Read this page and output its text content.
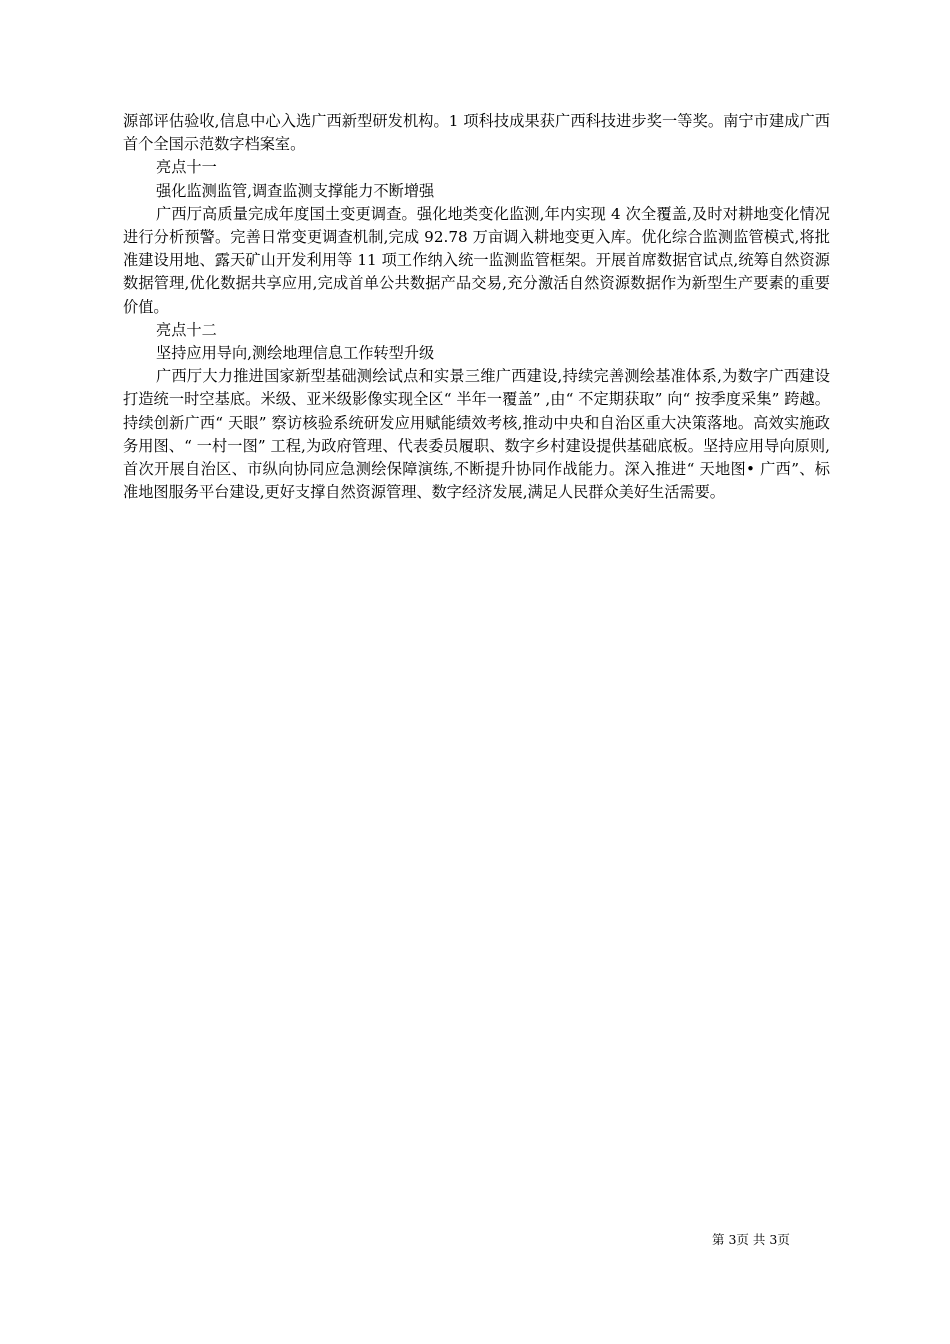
源部评估验收,信息中心入选广西新型研发机构。1 项科技成果获广西科技进步奖一等奖。南宁市建成广西首个全国示范数字档案室。

亮点十一

强化监测监管,调查监测支撑能力不断增强

广西厅高质量完成年度国土变更调查。强化地类变化监测,年内实现 4 次全覆盖,及时对耕地变化情况进行分析预警。完善日常变更调查机制,完成 92.78 万亩调入耕地变更入库。优化综合监测监管模式,将批准建设用地、露天矿山开发利用等 11 项工作纳入统一监测监管框架。开展首席数据官试点,统筹自然资源数据管理,优化数据共享应用,完成首单公共数据产品交易,充分激活自然资源数据作为新型生产要素的重要价值。

亮点十二

坚持应用导向,测绘地理信息工作转型升级

广西厅大力推进国家新型基础测绘试点和实景三维广西建设,持续完善测绘基准体系,为数字广西建设打造统一时空基底。米级、亚米级影像实现全区“ 半年一覆盖” ,由“ 不定期获取” 向“ 按季度采集” 跨越。持续创新广西“ 天眼” 察访核验系统研发应用赋能绩效考核,推动中央和自治区重大决策落地。高效实施政务用图、“ 一村一图” 工程,为政府管理、代表委员履职、数字乡村建设提供基础底板。坚持应用导向原则,首次开展自治区、市纵向协同应急测绘保障演练,不断提升协同作战能力。深入推进“ 天地图• 广西”、标准地图服务平台建设,更好支撑自然资源管理、数字经济发展,满足人民群众美好生活需要。

第 3页 共 3页
